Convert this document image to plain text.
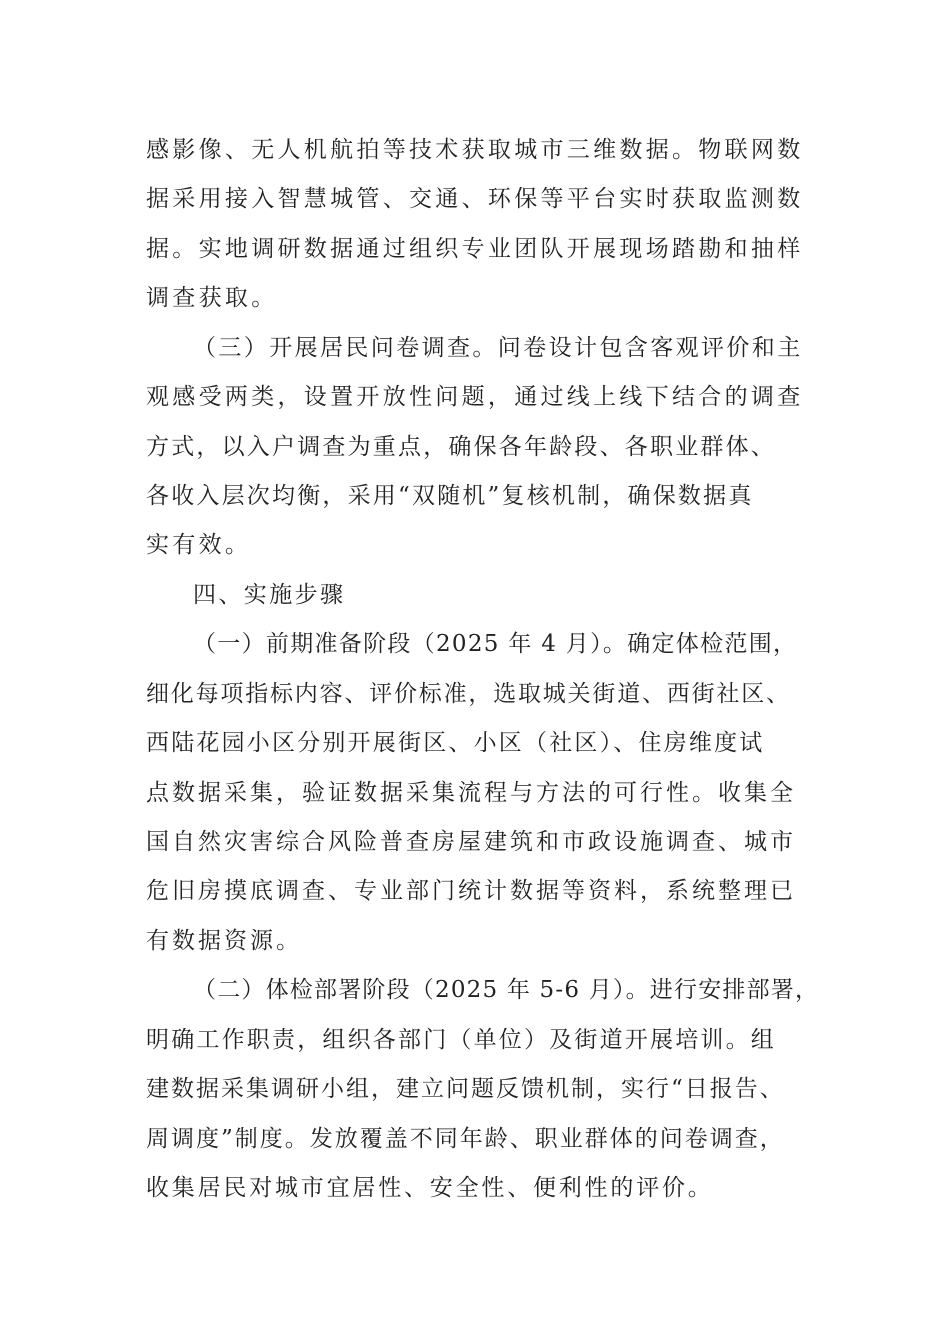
感影像、无人机航拍等技术获取城市三维数据。物联网数
据采用接入智慧城管、交通、环保等平台实时获取监测数
据。实地调研数据通过组织专业团队开展现场踏勘和抽样
调查获取。
（三）开展居民问卷调查。问卷设计包含客观评价和主
观感受两类，设置开放性问题，通过线上线下结合的调查
方式，以入户调查为重点，确保各年龄段、各职业群体、
各收入层次均衡，采用“双随机”复核机制，确保数据真
实有效。
四、实施步骤
（一）前期准备阶段（2025 年 4 月）。确定体检范围，
细化每项指标内容、评价标准，选取城关街道、西街社区、
西陆花园小区分别开展街区、小区（社区）、住房维度试
点数据采集，验证数据采集流程与方法的可行性。收集全
国自然灾害综合风险普查房屋建筑和市政设施调查、城市
危旧房摸底调查、专业部门统计数据等资料，系统整理已
有数据资源。
（二）体检部署阶段（2025 年 5-6 月）。进行安排部署，
明确工作职责，组织各部门（单位）及街道开展培训。组
建数据采集调研小组，建立问题反馈机制，实行“日报告、
周调度”制度。发放覆盖不同年龄、职业群体的问卷调查，
收集居民对城市宜居性、安全性、便利性的评价。
